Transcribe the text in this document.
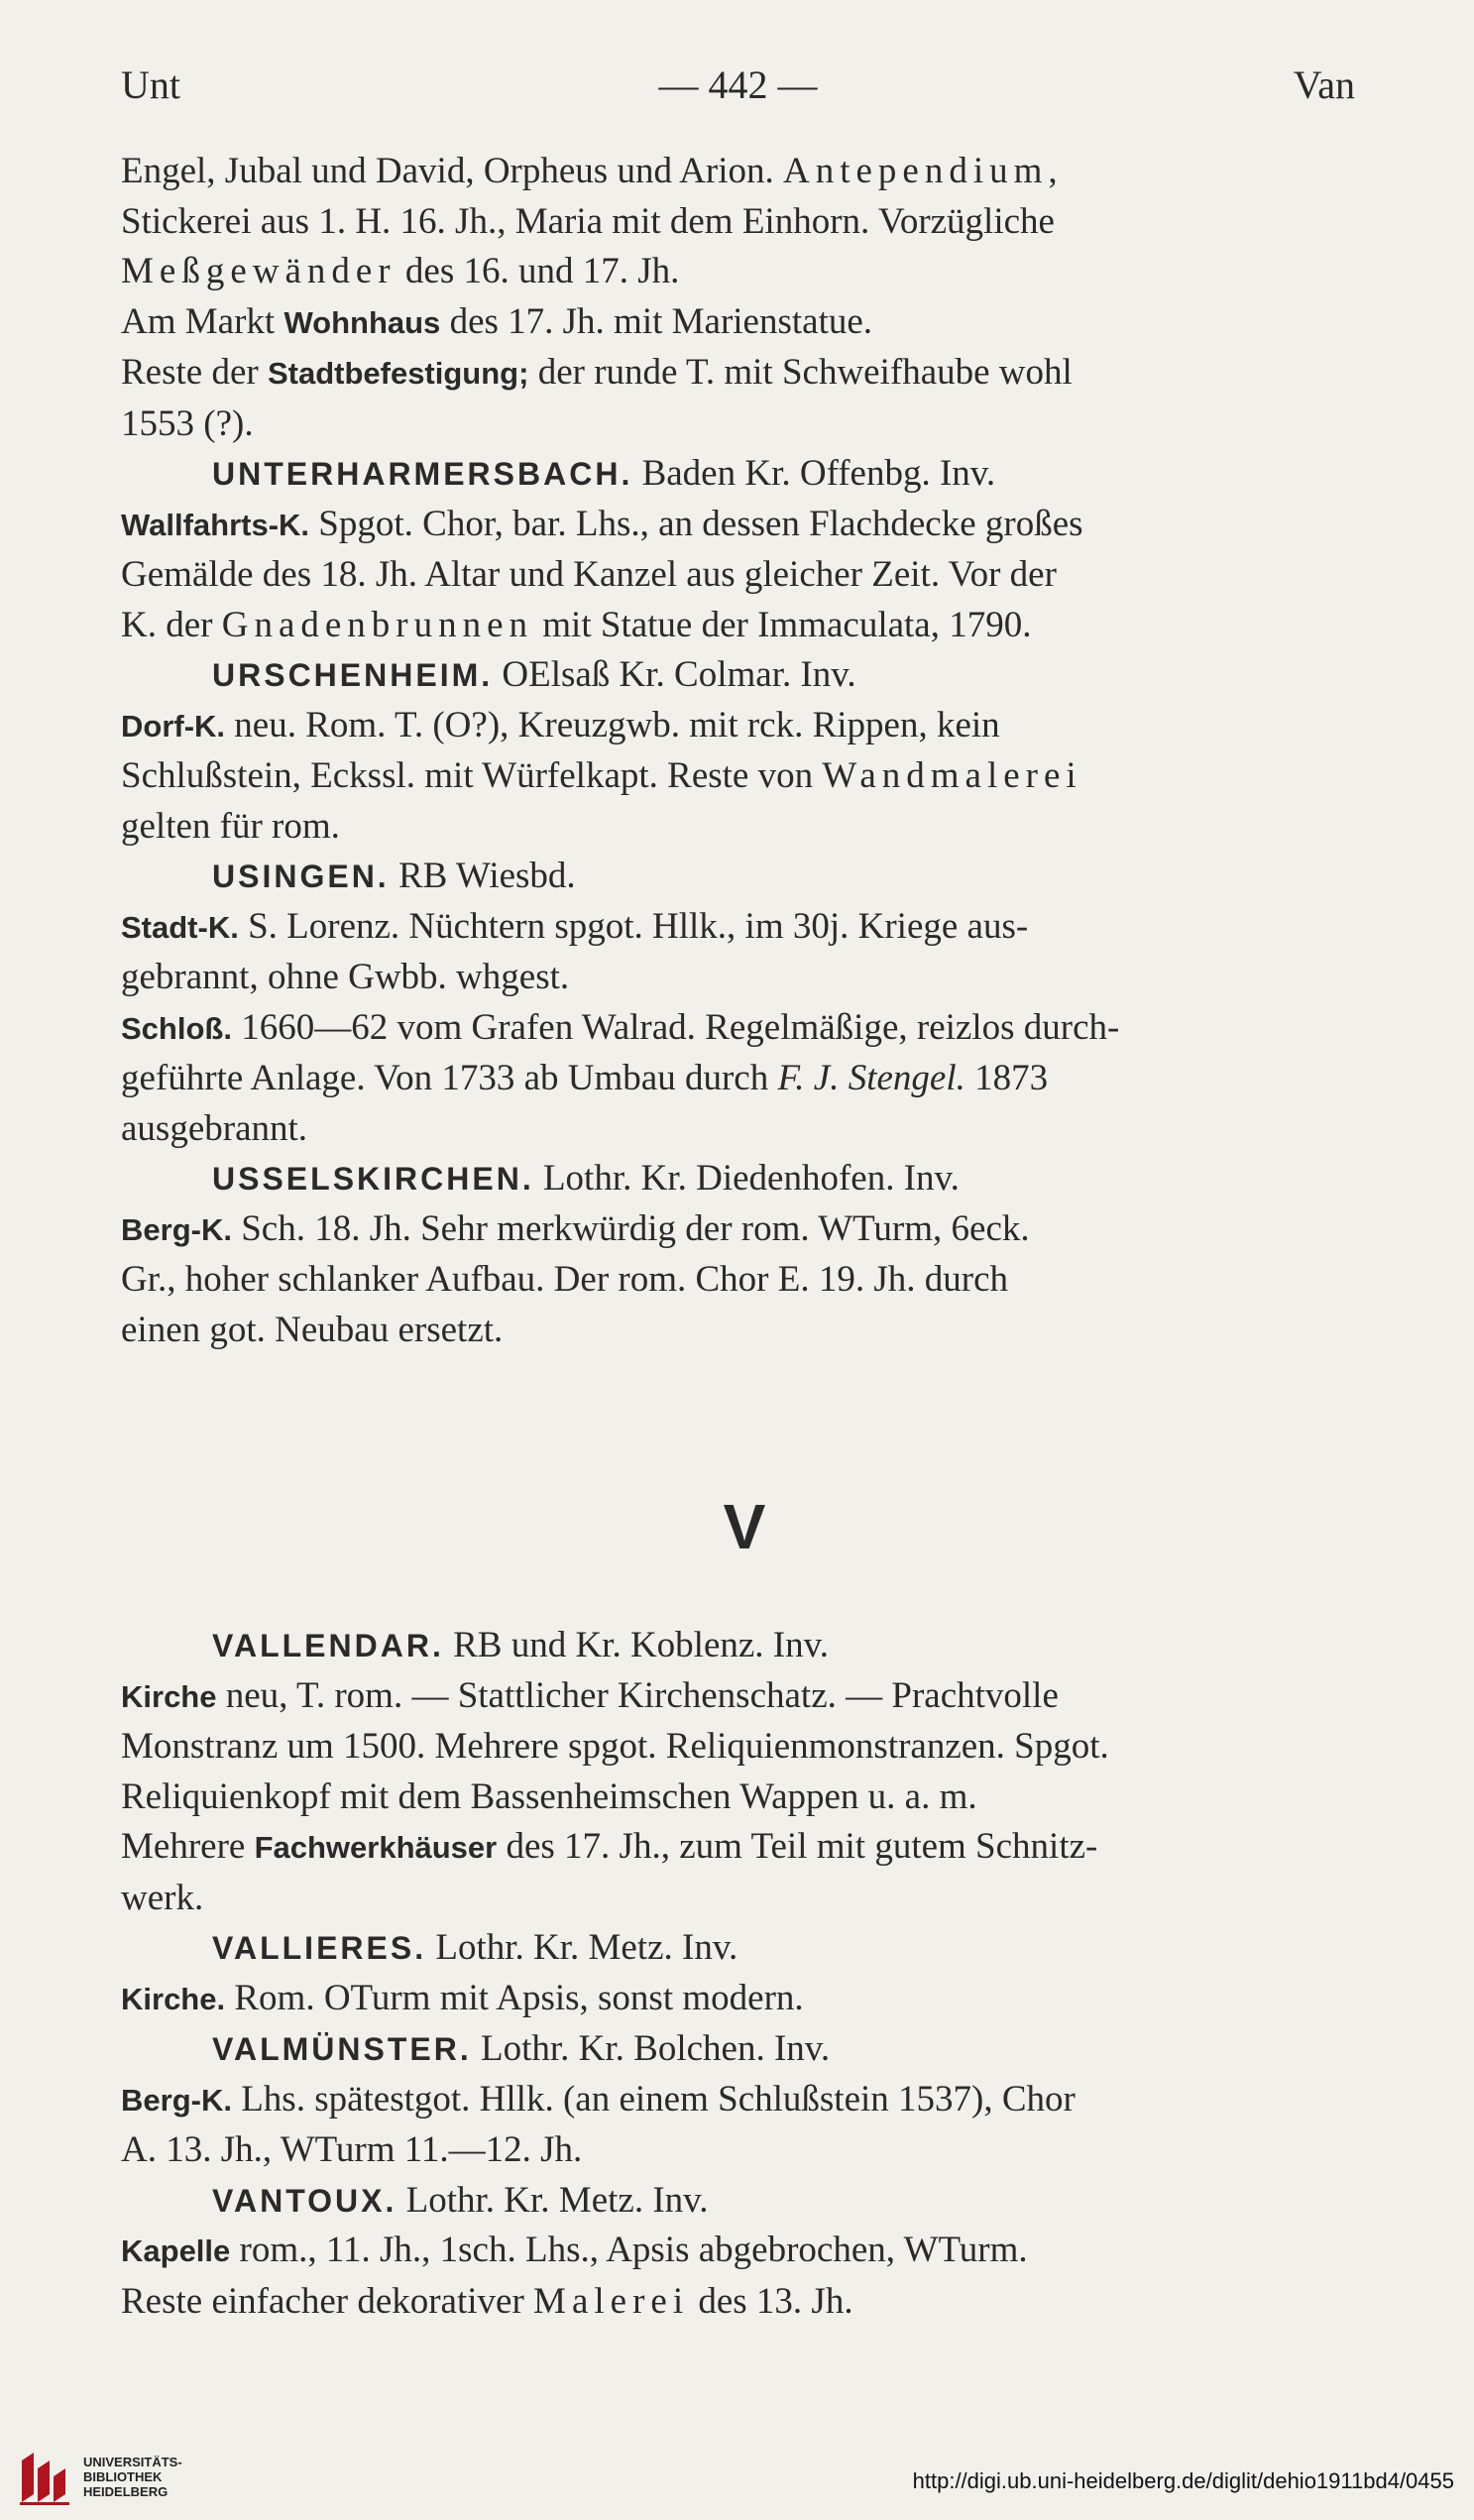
Unt	— 442 —	Van

Engel, Jubal und David, Orpheus und Arion. Antependium,

Stickerei aus 1. H. 16. Jh., Maria mit dem Einhorn. Vorzügliche

Meßgewänder des 16. und 17. Jh.

Am Markt Wohnhaus des 17. Jh. mit Marienstatue.

Reste der Stadtbefestigung; der runde T. mit Schweifhaube wohl

1553 (?).

UNTERHARMERSBACH. Baden Kr. Offenbg. Inv.

Wallfahrts-K. Spgot. Chor, bar. Lhs., an dessen Flachdecke großes

Gemälde des 18. Jh. Altar und Kanzel aus gleicher Zeit. Vor der

K. der Gnadenbrunnen mit Statue der Immaculata, 1790.

URSCHENHEIM. OElsaß Kr. Colmar. Inv.

Dorf-K. neu. Rom. T. (O?), Kreuzgwb. mit rck. Rippen, kein

Schlußstein, Eckssl. mit Würfelkapt. Reste von Wandmalerei

gelten für rom.

USINGEN. RB Wiesbd.

Stadt-K. S. Lorenz. Nüchtern spgot. Hllk., im 30j. Kriege aus-

gebrannt, ohne Gwbb. whgest.

Schloß. 1660—62 vom Grafen Walrad. Regelmäßige, reizlos durch-

geführte Anlage. Von 1733 ab Umbau durch F. J. Stengel. 1873

ausgebrannt.

USSELSKIRCHEN. Lothr. Kr. Diedenhofen. Inv.

Berg-K. Sch. 18. Jh. Sehr merkwürdig der rom. WTurm, 6eck.

Gr., hoher schlanker Aufbau. Der rom. Chor E. 19. Jh. durch

einen got. Neubau ersetzt.

V

VALLENDAR. RB und Kr. Koblenz. Inv.

Kirche neu, T. rom. — Stattlicher Kirchenschatz. — Prachtvolle

Monstranz um 1500. Mehrere spgot. Reliquienmonstranzen. Spgot.

Reliquienkopf mit dem Bassenheimschen Wappen u. a. m.

Mehrere Fachwerkhäuser des 17. Jh., zum Teil mit gutem Schnitz-

werk.

VALLIERES. Lothr. Kr. Metz. Inv.

Kirche. Rom. OTurm mit Apsis, sonst modern.

VALMÜNSTER. Lothr. Kr. Bolchen. Inv.

Berg-K. Lhs. spätestgot. Hllk. (an einem Schlußstein 1537), Chor

A. 13. Jh., WTurm 11.—12. Jh.

VANTOUX. Lothr. Kr. Metz. Inv.

Kapelle rom., 11. Jh., 1sch. Lhs., Apsis abgebrochen, WTurm.

Reste einfacher dekorativer Malerei des 13. Jh.

UNIVERSITÄTS-
BIBLIOTHEK
HEIDELBERG	http://digi.ub.uni-heidelberg.de/diglit/dehio1911bd4/0455
